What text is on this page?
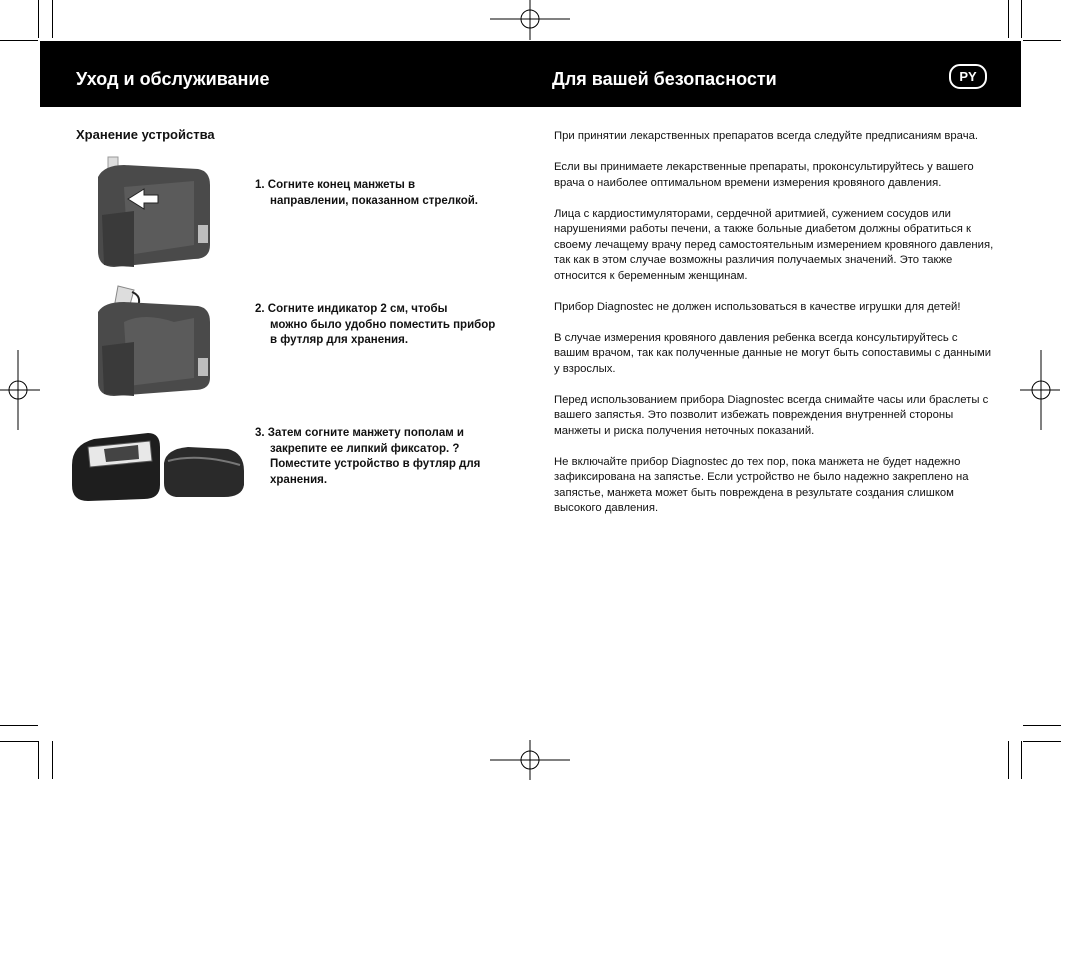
Уход и обслуживание	Для вашей безопасности	PY
Хранение устройства
1. Согните конец манжеты в
направлении, показанном стрелкой.
2. Согните индикатор 2 см, чтобы
можно было удобно поместить прибор в футляр для хранения.
3. Затем согните манжету пополам и
закрепите ее липкий фиксатор. ? Поместите устройство в футляр для хранения.

При принятии лекарственных препаратов всегда следуйте предписаниям врача.

Если вы принимаете лекарственные препараты, проконсультируйтесь у вашего врача о наиболее оптимальном времени измерения кровяного давления.

Лица с кардиостимуляторами, сердечной аритмией, сужением сосудов или нарушениями работы печени, а также больные диабетом должны обратиться к своему лечащему врачу перед самостоятельным измерением кровяного давления, так как в этом случае возможны различия получаемых значений. Это также относится к беременным женщинам.

Прибор Diagnostec не должен использоваться в качестве игрушки для детей!

В случае измерения кровяного давления ребенка всегда консультируйтесь с вашим врачом, так как полученные данные не могут быть сопоставимы с данными у взрослых.

Перед использованием прибора Diagnostec всегда снимайте часы или браслеты с вашего запястья. Это позволит избежать повреждения внутренней стороны манжеты и риска получения неточных показаний.

Не включайте прибор Diagnostec до тех пор, пока манжета не будет надежно зафиксирована на запястье. Если устройство не было надежно закреплено на запястье, манжета может быть повреждена в результате создания слишком высокого давления.
